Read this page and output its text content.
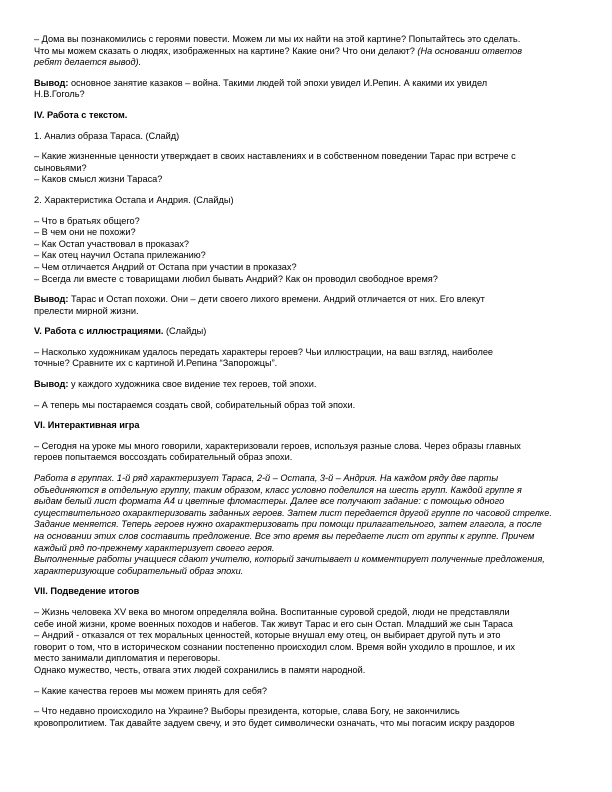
– Дома вы познакомились с героями повести. Можем ли мы их найти на этой картине? Попытайтесь это сделать.
Что мы можем сказать о людях, изображенных на картине? Какие они? Что они делают? (На основании ответов
ребят делается вывод).

Вывод: основное занятие казаков – война. Такими людей той эпохи увидел И.Репин. А какими их увидел
Н.В.Гоголь?

IV. Работа с текстом.

1. Анализ образа Тараса. (Слайд)

– Какие жизненные ценности утверждает в своих наставлениях и в собственном поведении Тарас при встрече с
сыновьями?
– Каков смысл жизни Тараса?

2. Характеристика Остапа и Андрия. (Слайды)

– Что в братьях общего?
– В чем они не похожи?
– Как Остап участвовал в проказах?
– Как отец научил Остапа прилежанию?
– Чем отличается Андрий от Остапа при участии в проказах?
– Всегда ли вместе с товарищами любил бывать Андрий? Как он проводил свободное время?

Вывод: Тарас и Остап похожи. Они – дети своего лихого времени. Андрий отличается от них. Его влекут
прелести мирной жизни.

V. Работа с иллюстрациями. (Слайды)

– Насколько художникам удалось передать характеры героев? Чьи иллюстрации, на ваш взгляд, наиболее
точные? Сравните их с картиной И.Репина “Запорожцы”.

Вывод: у каждого художника свое видение тех героев, той эпохи.

– А теперь мы постараемся создать свой, собирательный образ той эпохи.

VI. Интерактивная игра

– Сегодня на уроке мы много говорили, характеризовали героев, используя разные слова. Через образы главных
героев попытаемся воссоздать собирательный образ эпохи.

Работа в группах. 1-й ряд характеризует Тараса, 2-й – Остапа, 3-й – Андрия. На каждом ряду две парты
объединяются в отдельную группу, таким образом, класс условно поделился на шесть групп. Каждой группе я
выдам белый лист формата А4 и цветные фломастеры. Далее все получают задание: с помощью одного
существительного охарактеризовать заданных героев. Затем лист передается другой группе по часовой стрелке.
Задание меняется. Теперь героев нужно охарактеризовать при помощи прилагательного, затем глагола, а после
на основании этих слов составить предложение. Все это время вы передаете лист от группы к группе. Причем
каждый ряд по-прежнему характеризует своего героя.
Выполненные работы учащиеся сдают учителю, который зачитывает и комментирует полученные предложения,
характеризующие собирательный образ эпохи.

VII. Подведение итогов

– Жизнь человека XV века во многом определяла война. Воспитанные суровой средой, люди не представляли
себе иной жизни, кроме военных походов и набегов. Так живут Тарас и его сын Остап. Младший же сын Тараса
– Андрий - отказался от тех моральных ценностей, которые внушал ему отец, он выбирает другой путь и это
говорит о том, что в историческом сознании постепенно происходил слом. Время войн уходило в прошлое, и их
место занимали дипломатия и переговоры.
Однако мужество, честь, отвага этих людей сохранились в памяти народной.

– Какие качества героев мы можем принять для себя?

– Что недавно происходило на Украине? Выборы президента, которые, слава Богу, не закончились
кровопролитием. Так давайте задуем свечу, и это будет символически означать, что мы погасим искру раздоров
